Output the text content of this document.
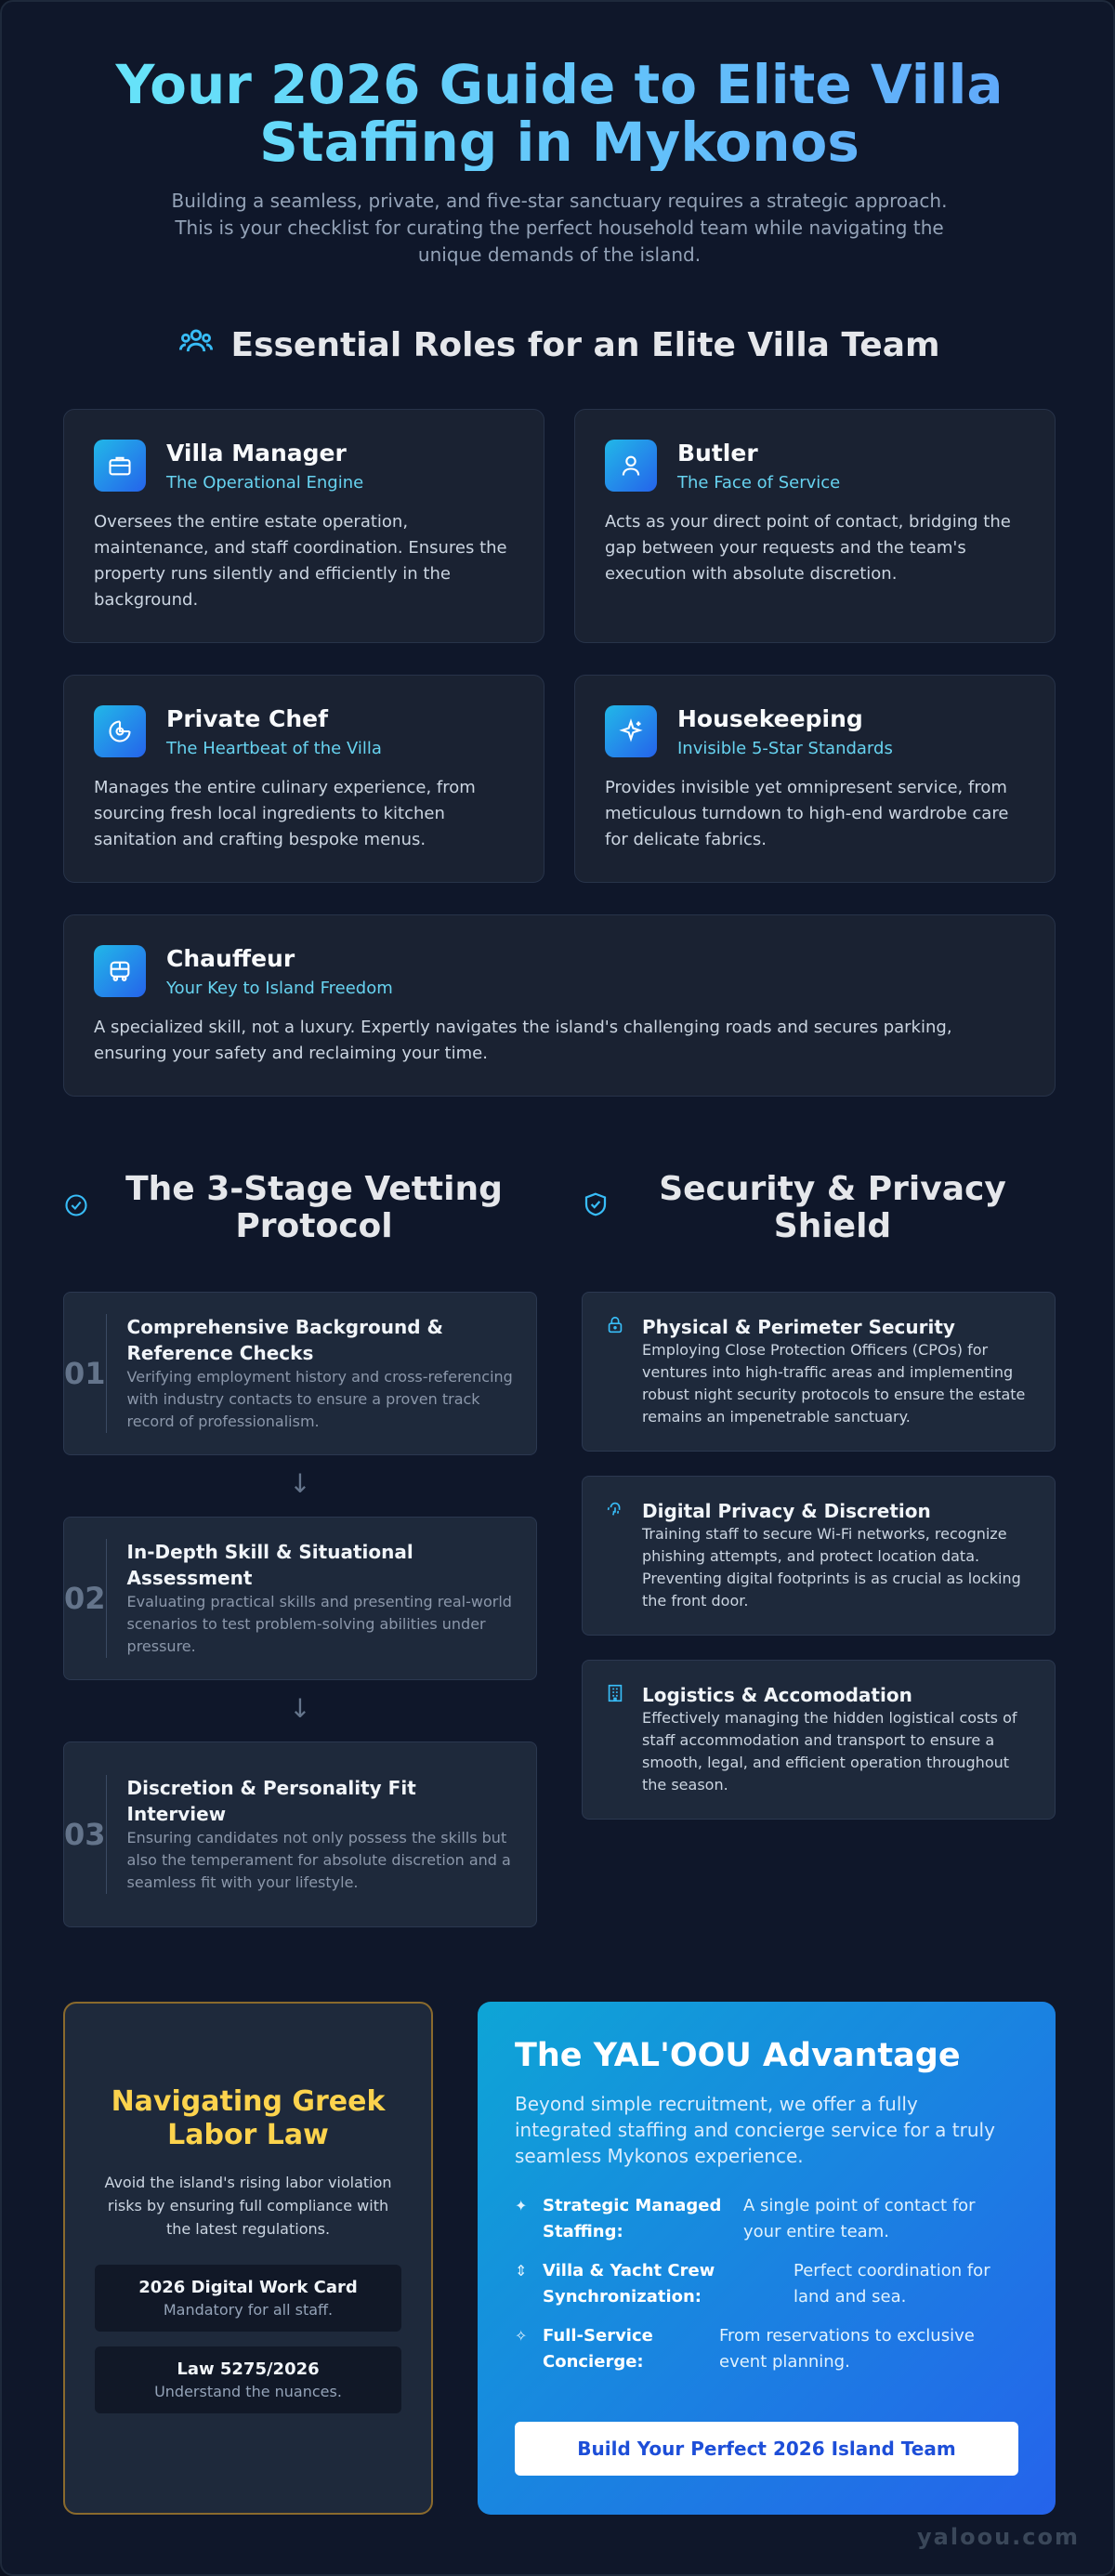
Your 2026 Guide to Elite Villa Staffing in Mykonos

Building a seamless, private, and five-star sanctuary requires a strategic approach. This is your checklist for curating the perfect household team while navigating the unique demands of the island.

Essential Roles for an Elite Villa Team
Villa Manager
The Operational Engine
Oversees the entire estate operation, maintenance, and staff coordination. Ensures the property runs silently and efficiently in the background.
Butler
The Face of Service
Acts as your direct point of contact, bridging the gap between your requests and the team's execution with absolute discretion.
Private Chef
The Heartbeat of the Villa
Manages the entire culinary experience, from sourcing fresh local ingredients to kitchen sanitation and crafting bespoke menus.
Housekeeping
Invisible 5-Star Standards
Provides invisible yet omnipresent service, from meticulous turndown to high-end wardrobe care for delicate fabrics.
Chauffeur
Your Key to Island Freedom
A specialized skill, not a luxury. Expertly navigates the island's challenging roads and secures parking, ensuring your safety and reclaiming your time.
The 3-Stage Vetting Protocol
01
Comprehensive Background & Reference Checks
Verifying employment history and cross-referencing with industry contacts to ensure a proven track record of professionalism.
↓
02
In-Depth Skill & Situational Assessment
Evaluating practical skills and presenting real-world scenarios to test problem-solving abilities under pressure.
↓
03
Discretion & Personality Fit Interview
Ensuring candidates not only possess the skills but also the temperament for absolute discretion and a seamless fit with your lifestyle.
Security & Privacy Shield
Physical & Perimeter Security
Employing Close Protection Officers (CPOs) for ventures into high-traffic areas and implementing robust night security protocols to ensure the estate remains an impenetrable sanctuary.
Digital Privacy & Discretion
Training staff to secure Wi-Fi networks, recognize phishing attempts, and protect location data. Preventing digital footprints is as crucial as locking the front door.
Logistics & Accomodation
Effectively managing the hidden logistical costs of staff accommodation and transport to ensure a smooth, legal, and efficient operation throughout the season.
Navigating Greek Labor Law

Avoid the island's rising labor violation risks by ensuring full compliance with the latest regulations.

2026 Digital Work Card
Mandatory for all staff.
Law 5275/2026
Understand the nuances.
The YAL'OOU Advantage
Beyond simple recruitment, we offer a fully integrated staffing and concierge service for a truly seamless Mykonos experience.
✦ Strategic Managed Staffing:
A single point of contact for your entire team.
⇕ Villa & Yacht Crew Synchronization:
Perfect coordination for land and sea.
✧ Full-Service Concierge:
From reservations to exclusive event planning.
Build Your Perfect 2026 Island Team
yaloou.com
